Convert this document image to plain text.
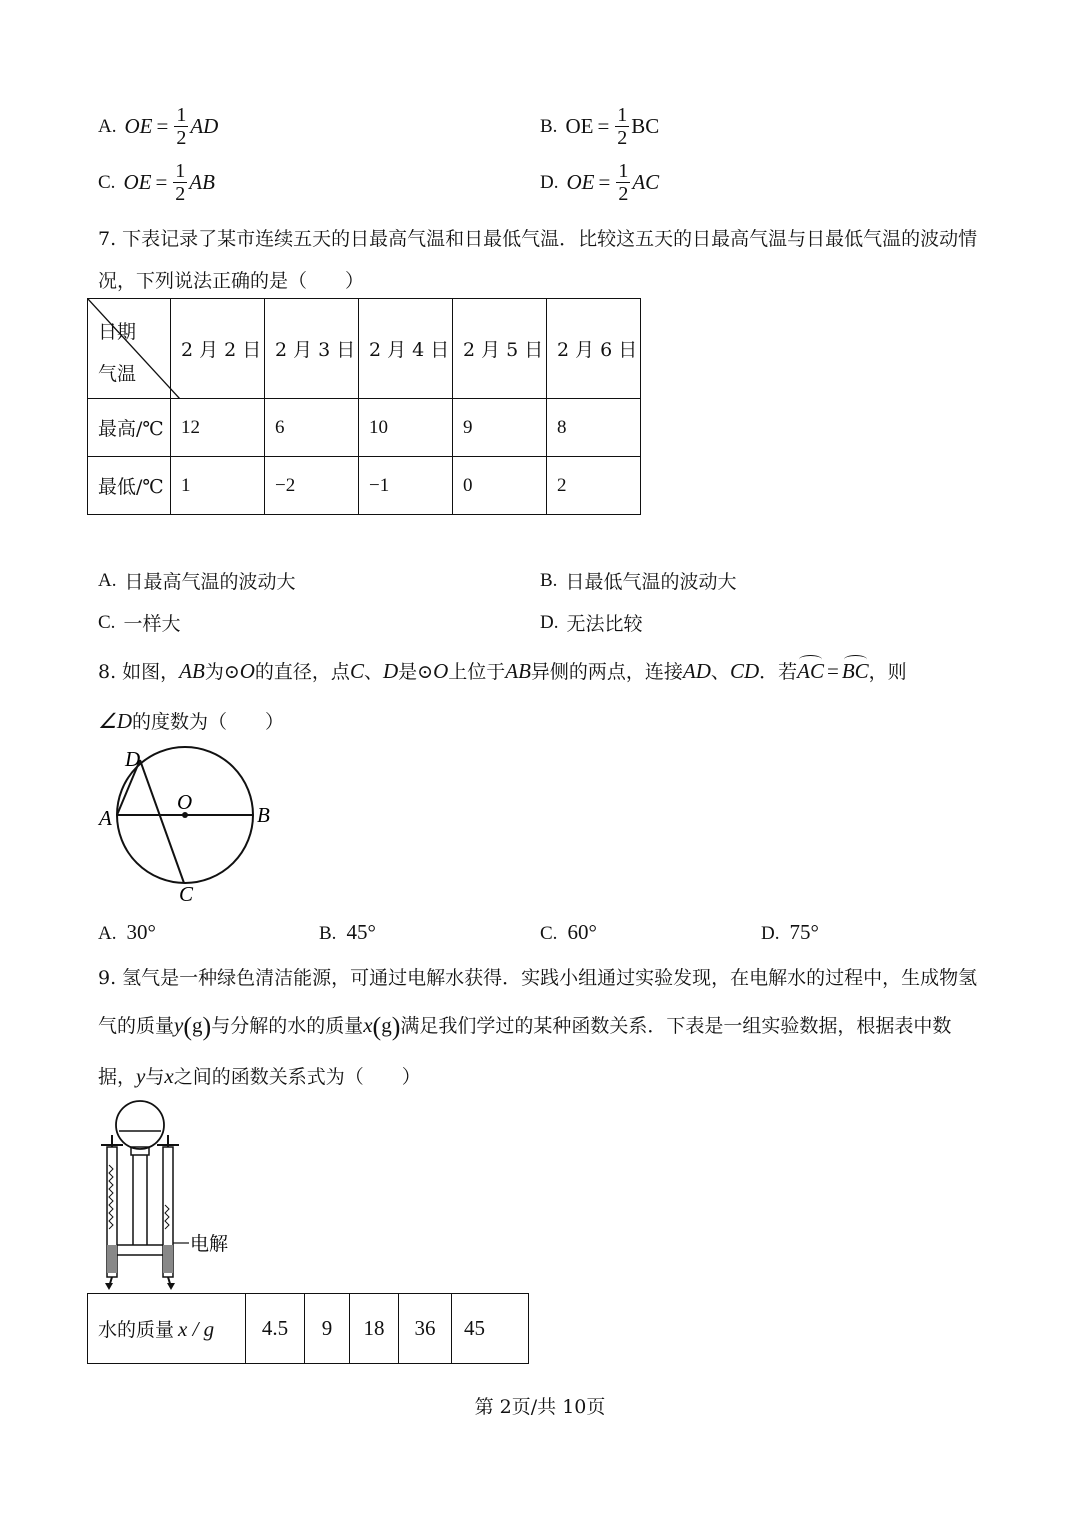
A. OE = $\frac{1}{2}$ AD	B. OE = $\frac{1}{2}$ BC
C. OE = $\frac{1}{2}$ AB	D. OE = $\frac{1}{2}$ AC
7. 下表记录了某市连续五天的日最高气温和日最低气温．比较这五天的日最高气温与日最低气温的波动情
况，下列说法正确的是（　　）
日期
气温	2 月 2 日	2 月 3 日	2 月 4 日	2 月 5 日	2 月 6 日
最高/℃	12	6	10	9	8
最低/℃	1	−2	−1	0	2
A. 日最高气温的波动大	B. 日最低气温的波动大
C. 一样大	D. 无法比较
8. 如图，AB为⊙O的直径，点C、D是⊙O上位于AB异侧的两点，连接AD、CD．若AC = BC，则
∠D的度数为（　　）
D
A
O
B
C
A. 30°	B. 45°	C. 60°	D. 75°
9. 氢气是一种绿色清洁能源，可通过电解水获得．实践小组通过实验发现，在电解水的过程中，生成物氢
气的质量y(g)与分解的水的质量x(g)满足我们学过的某种函数关系．下表是一组实验数据，根据表中数
据，y与x之间的函数关系式为（　　）
电解
水的质量 x / g	4.5	9	18	36	45
第 2页/共 10页
